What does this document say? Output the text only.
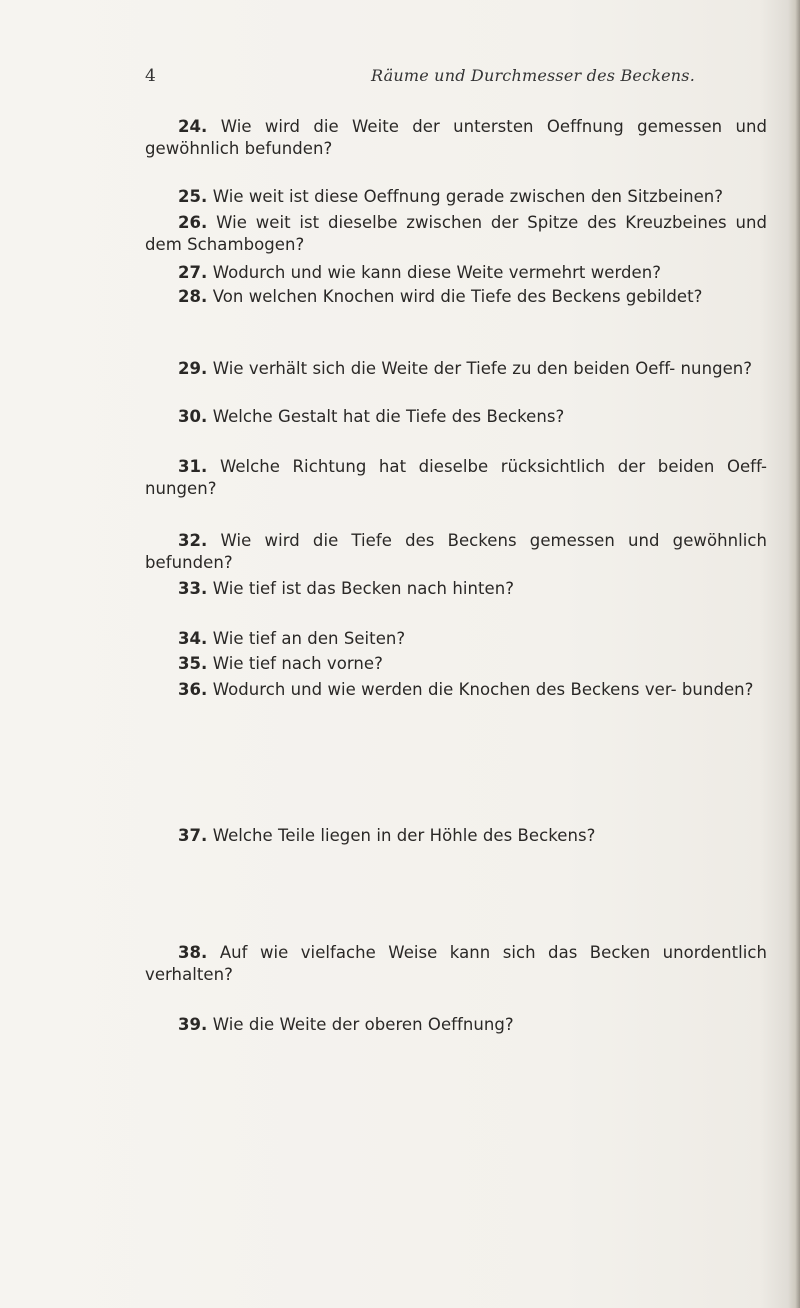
4	Räume und Durchmesser des Beckens.
24. Wie wird die Weite der untersten Oeffnung gemessen und gewöhnlich befunden?
25. Wie weit ist diese Oeffnung gerade zwischen den Sitzbeinen?
26. Wie weit ist dieselbe zwischen der Spitze des Kreuzbeines und dem Schambogen?
27. Wodurch und wie kann diese Weite vermehrt werden?
28. Von welchen Knochen wird die Tiefe des Beckens gebildet?
29. Wie verhält sich die Weite der Tiefe zu den beiden Oeff- nungen?
30. Welche Gestalt hat die Tiefe des Beckens?
31. Welche Richtung hat dieselbe rücksichtlich der beiden Oeff- nungen?
32. Wie wird die Tiefe des Beckens gemessen und gewöhnlich befunden?
33. Wie tief ist das Becken nach hinten?
34. Wie tief an den Seiten?
35. Wie tief nach vorne?
36. Wodurch und wie werden die Knochen des Beckens ver- bunden?
37. Welche Teile liegen in der Höhle des Beckens?
38. Auf wie vielfache Weise kann sich das Becken unordentlich verhalten?
39. Wie die Weite der oberen Oeffnung?
